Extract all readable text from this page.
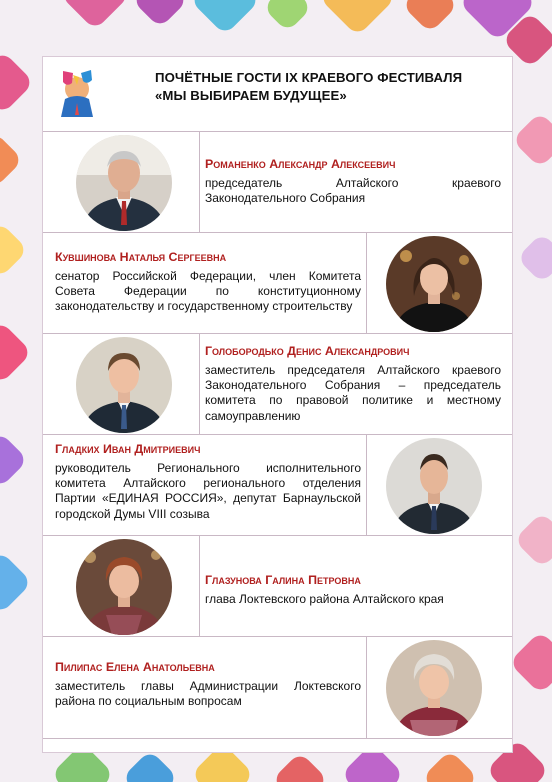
ПОЧЁТНЫЕ ГОСТИ IX КРАЕВОГО ФЕСТИВАЛЯ
«МЫ ВЫБИРАЕМ БУДУЩЕЕ»
Романенко Александр Алексеевич
председатель Алтайского краевого Законодательного Собрания
Кувшинова Наталья Сергеевна
сенатор Российской Федерации, член Комитета Совета Федерации по конституционному законодательству и государственному строительству
Голобородько Денис Александрович
заместитель председателя Алтайского краевого Законодательного Собрания – председатель комитета по правовой политике и местному самоуправлению
Гладких Иван Дмитриевич
руководитель Регионального исполнительного комитета Алтайского регионального отделения Партии «ЕДИНАЯ РОССИЯ», депутат Барнаульской городской Думы VIII созыва
Глазунова Галина Петровна
глава Локтевского района Алтайского края
Пилипас Елена Анатольевна
заместитель главы Администрации Локтевского района по социальным вопросам
